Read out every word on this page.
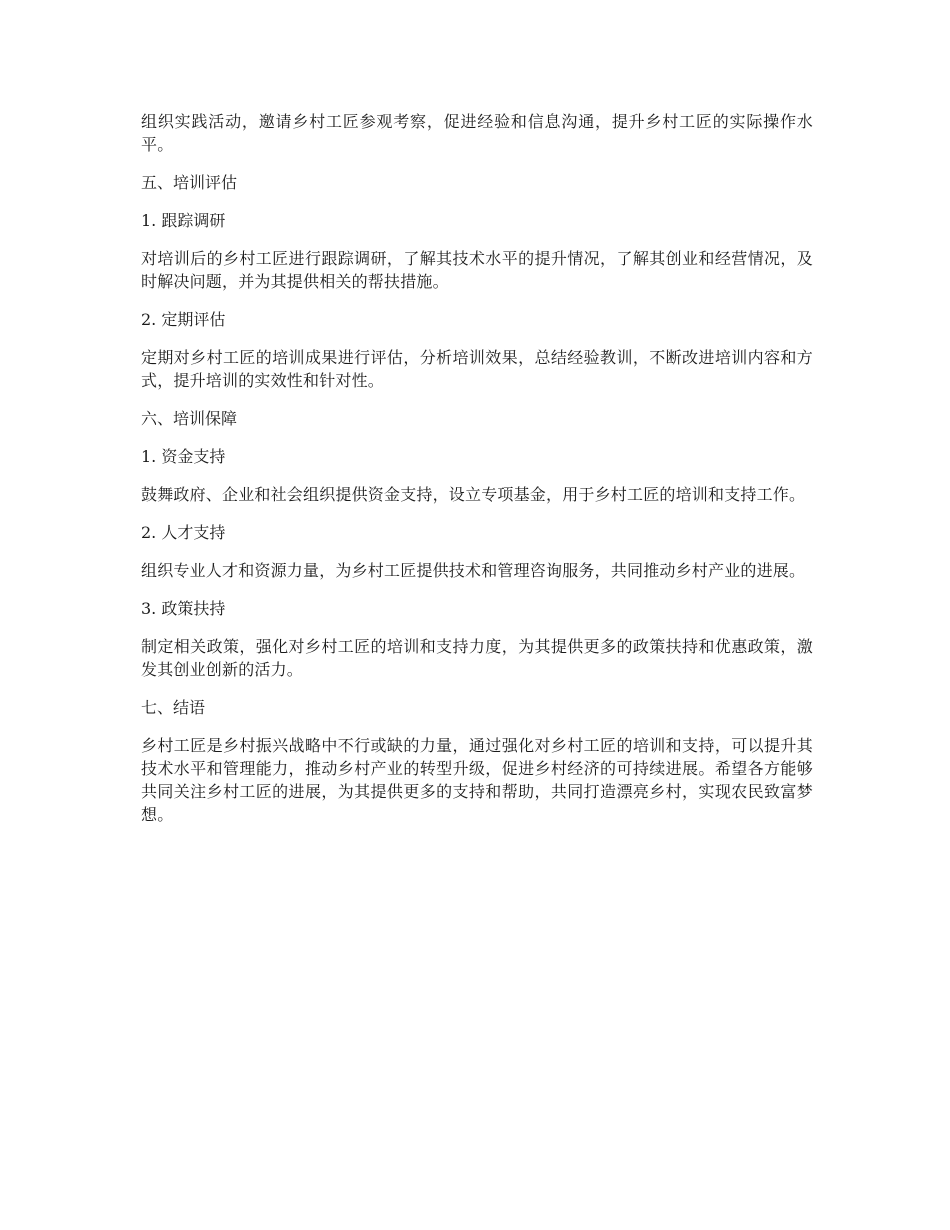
组织实践活动，邀请乡村工匠参观考察，促进经验和信息沟通，提升乡村工匠的实际操作水平。

五、培训评估

1. 跟踪调研

对培训后的乡村工匠进行跟踪调研，了解其技术水平的提升情况，了解其创业和经营情况，及时解决问题，并为其提供相关的帮扶措施。

2. 定期评估

定期对乡村工匠的培训成果进行评估，分析培训效果，总结经验教训，不断改进培训内容和方式，提升培训的实效性和针对性。

六、培训保障

1. 资金支持

鼓舞政府、企业和社会组织提供资金支持，设立专项基金，用于乡村工匠的培训和支持工作。

2. 人才支持

组织专业人才和资源力量，为乡村工匠提供技术和管理咨询服务，共同推动乡村产业的进展。

3. 政策扶持

制定相关政策，强化对乡村工匠的培训和支持力度，为其提供更多的政策扶持和优惠政策，激发其创业创新的活力。

七、结语

乡村工匠是乡村振兴战略中不行或缺的力量，通过强化对乡村工匠的培训和支持，可以提升其技术水平和管理能力，推动乡村产业的转型升级，促进乡村经济的可持续进展。希望各方能够共同关注乡村工匠的进展，为其提供更多的支持和帮助，共同打造漂亮乡村，实现农民致富梦想。
